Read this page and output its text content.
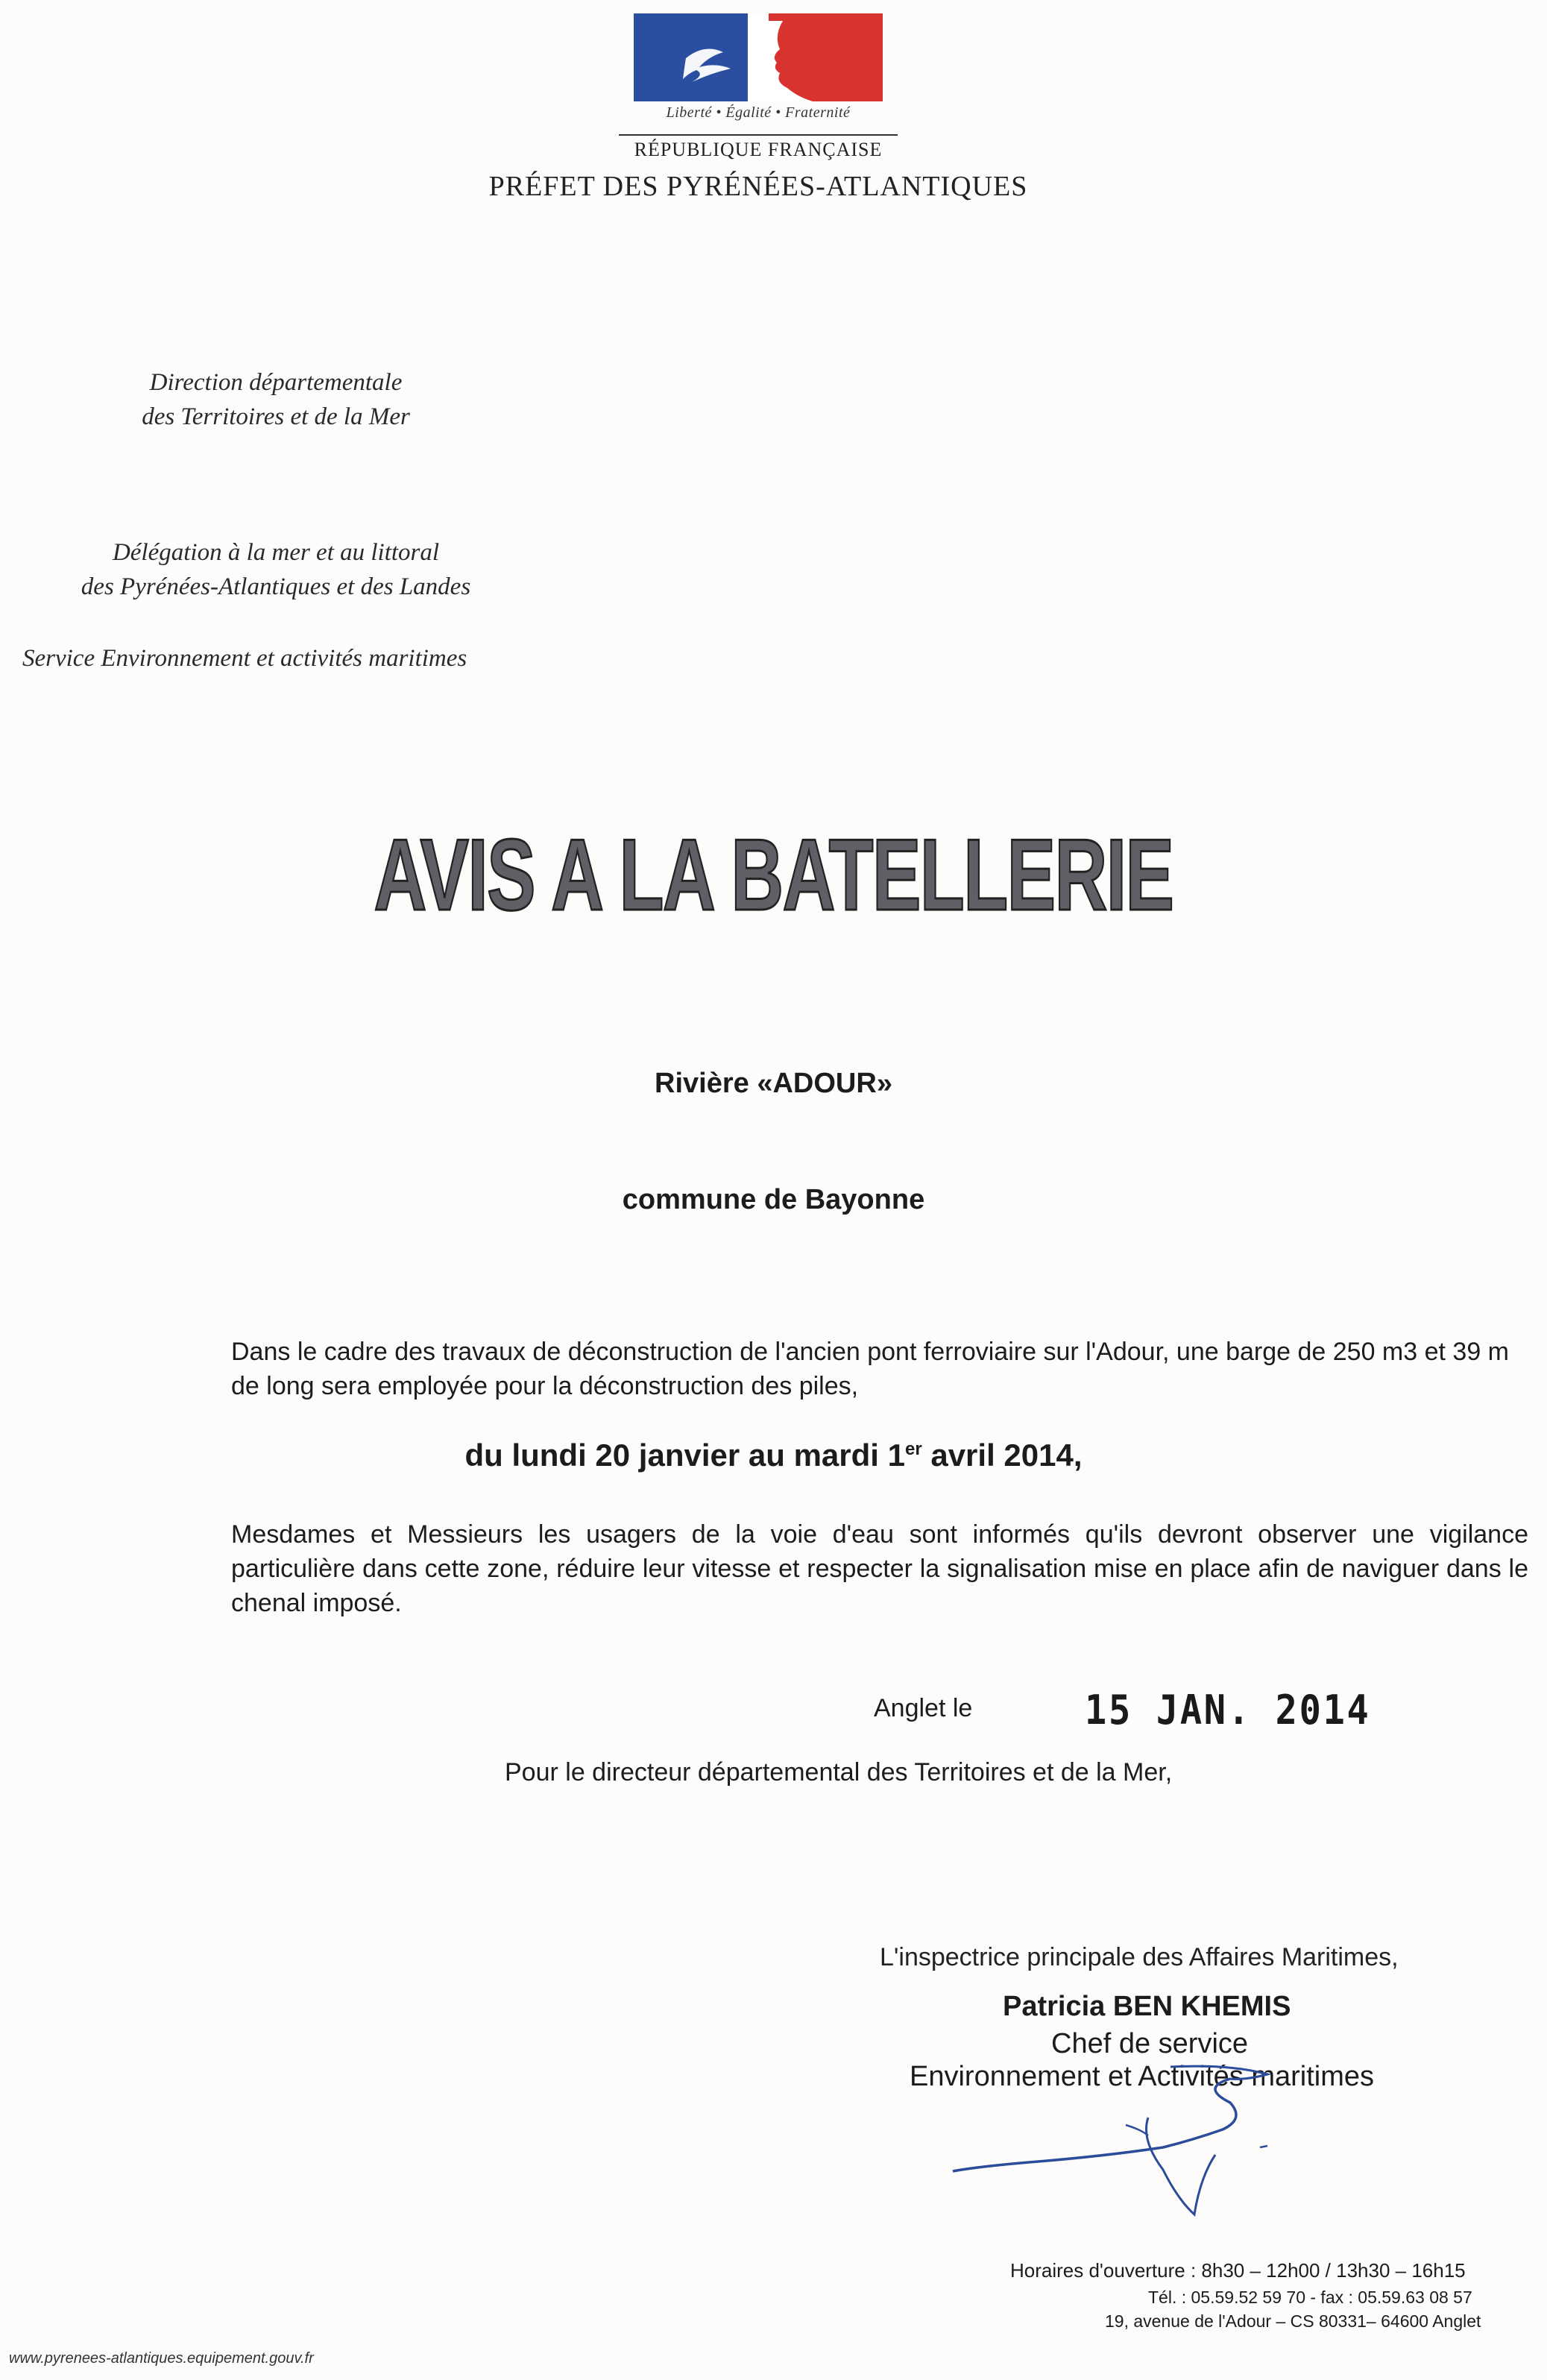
Liberté • Égalité • Fraternité
RÉPUBLIQUE FRANÇAISE
PRÉFET DES PYRÉNÉES-ATLANTIQUES
Direction départementale
des Territoires et de la Mer
Délégation à la mer et au littoral
des Pyrénées-Atlantiques et des Landes
Service Environnement et activités maritimes
AVIS A LA BATELLERIE
Rivière «ADOUR»
commune de Bayonne
Dans le cadre des travaux de déconstruction de l'ancien pont ferroviaire sur l'Adour, une barge de 250 m3 et 39 m de long sera employée pour la déconstruction des piles,
du lundi 20 janvier au mardi 1er avril 2014,
Mesdames et Messieurs les usagers de la voie d'eau sont informés qu'ils devront observer une vigilance particulière dans cette zone, réduire leur vitesse et respecter la signalisation mise en place afin de naviguer dans le chenal imposé.
Anglet le	15 JAN. 2014
Pour le directeur départemental des Territoires et de la Mer,
L'inspectrice principale des Affaires Maritimes,
Patricia BEN KHEMIS
Chef de service
Environnement et Activités maritimes
Horaires d'ouverture : 8h30 – 12h00 / 13h30 – 16h15
Tél. : 05.59.52 59 70 - fax : 05.59.63 08 57
19, avenue de l'Adour – CS 80331– 64600 Anglet
www.pyrenees-atlantiques.equipement.gouv.fr
